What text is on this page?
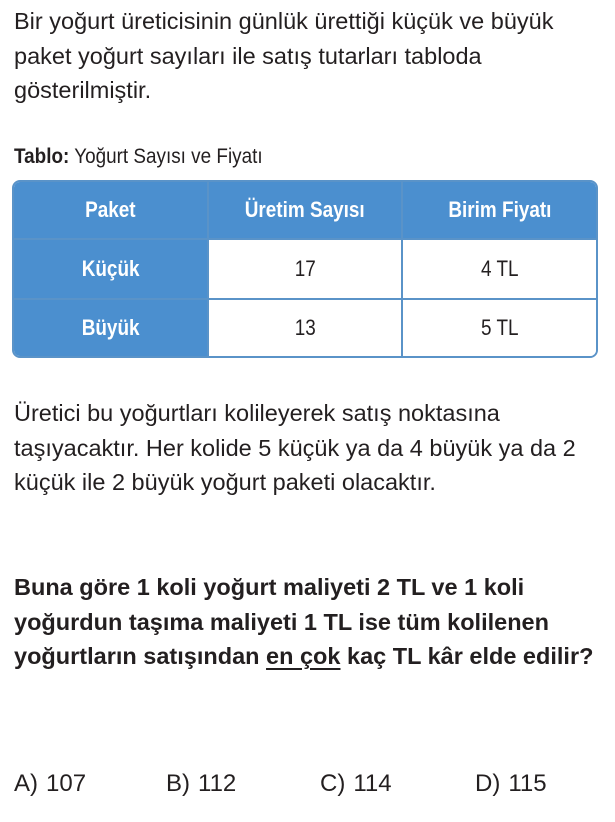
Bir yoğurt üreticisinin günlük ürettiği küçük ve büyük paket yoğurt sayıları ile satış tutarları tabloda gösterilmiştir.

Tablo: Yoğurt Sayısı ve Fiyatı

Paket	Üretim Sayısı	Birim Fiyatı
Küçük	17	4 TL
Büyük	13	5 TL

Üretici bu yoğurtları kolileyerek satış noktasına taşıyacaktır. Her kolide 5 küçük ya da 4 büyük ya da 2 küçük ile 2 büyük yoğurt paketi olacaktır.

Buna göre 1 koli yoğurt maliyeti 2 TL ve 1 koli yoğurdun taşıma maliyeti 1 TL ise tüm kolilenen yoğurtların satışından en çok kaç TL kâr elde edilir?

A) 107	B) 112	C) 114	D) 115
